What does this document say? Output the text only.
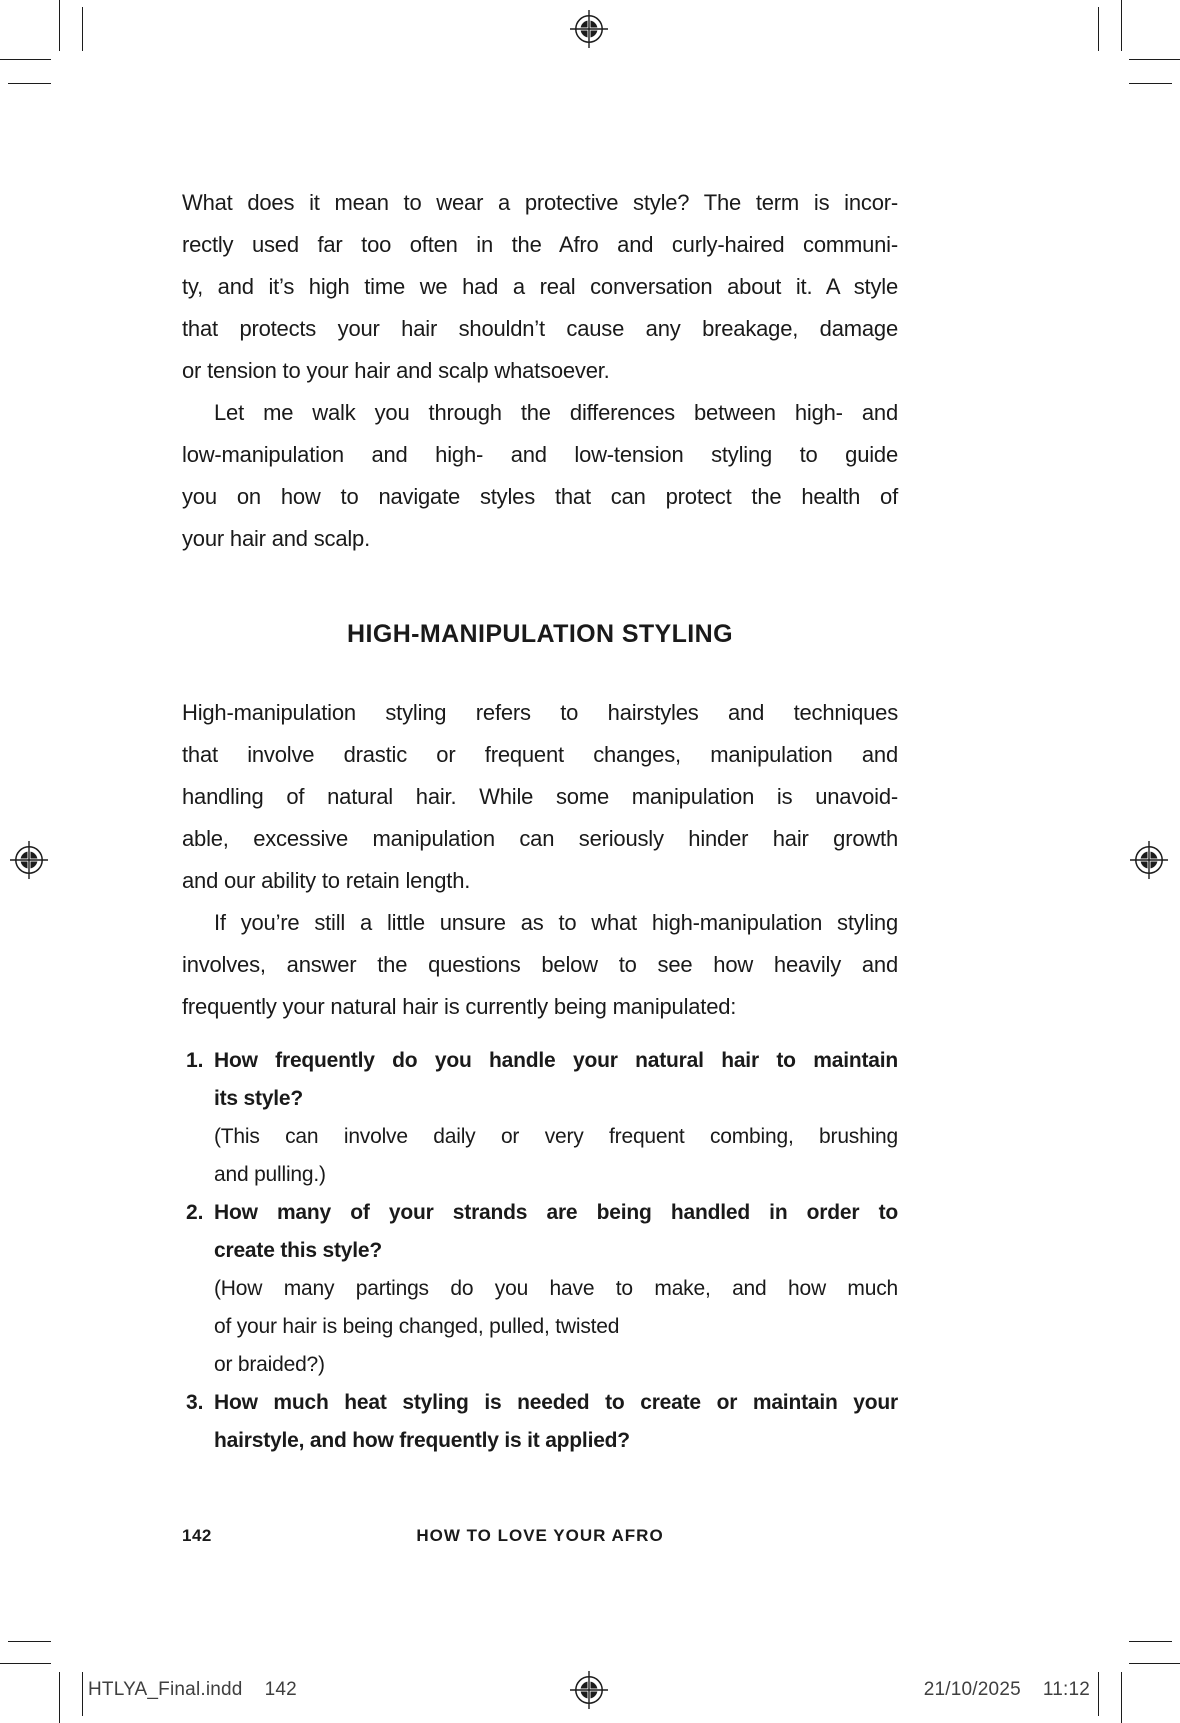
What does it mean to wear a protective style? The term is incor-
rectly used far too often in the Afro and curly-haired communi-
ty, and it’s high time we had a real conversation about it. A style
that protects your hair shouldn’t cause any breakage, damage
or tension to your hair and scalp whatsoever.
Let me walk you through the differences between high- and
low-manipulation and high- and low-tension styling to guide
you on how to navigate styles that can protect the health of
your hair and scalp.
HIGH-MANIPULATION STYLING
High-manipulation styling refers to hairstyles and techniques
that involve drastic or frequent changes, manipulation and
handling of natural hair. While some manipulation is unavoid-
able, excessive manipulation can seriously hinder hair growth
and our ability to retain length.
If you’re still a little unsure as to what high-manipulation styling
involves, answer the questions below to see how heavily and
frequently your natural hair is currently being manipulated:
1. How frequently do you handle your natural hair to maintain
its style?
(This can involve daily or very frequent combing, brushing
and pulling.)
2. How many of your strands are being handled in order to
create this style?
(How many partings do you have to make, and how much
of your hair is being changed, pulled, twisted
or braided?)
3. How much heat styling is needed to create or maintain your
hairstyle, and how frequently is it applied?
142	HOW TO LOVE YOUR AFRO
HTLYA_Final.indd 142	21/10/2025 11:12
